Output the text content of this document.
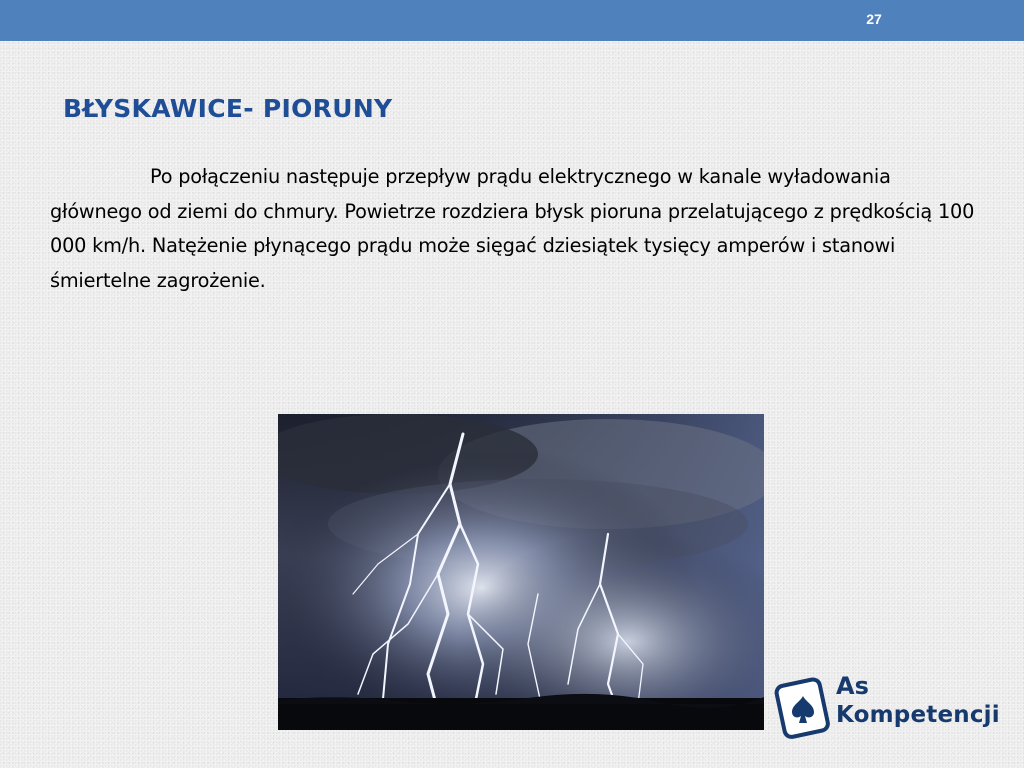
27
BŁYSKAWICE- PIORUNY

Po połączeniu następuje przepływ prądu elektrycznego w kanale wyładowania głównego od ziemi do chmury. Powietrze rozdziera błysk pioruna przelatującego z prędkością 100 000 km/h. Natężenie płynącego prądu może sięgać dziesiątek tysięcy amperów i stanowi śmiertelne zagrożenie.

As
Kompetencji
